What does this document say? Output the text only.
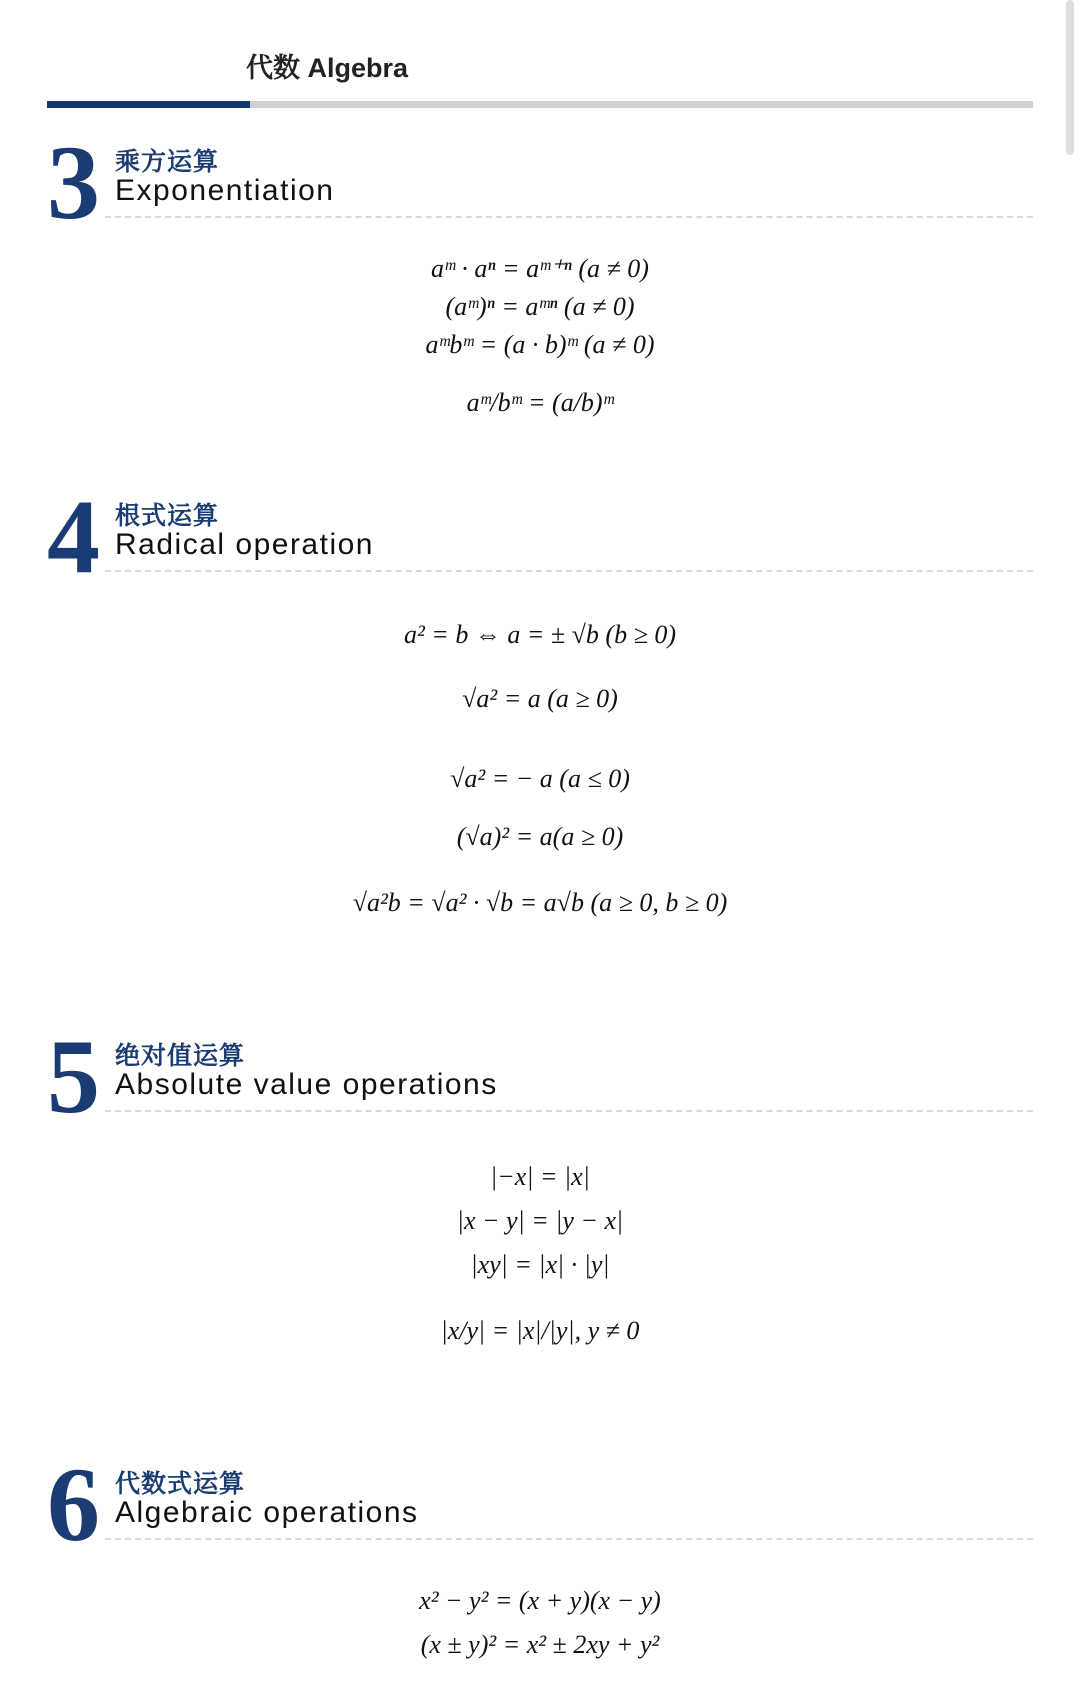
代数 Algebra
3 乘方运算
Exponentiation
aᵐ · aⁿ = aᵐ⁺ⁿ (a ≠ 0)
(aᵐ)ⁿ = aᵐⁿ (a ≠ 0)
aᵐbᵐ = (a · b)ᵐ (a ≠ 0)
aᵐ/bᵐ = (a/b)ᵐ
4 根式运算
Radical operation
a² = b ⇔ a = ± √b (b ≥ 0)
√a² = a (a ≥ 0)
√a² = − a (a ≤ 0)
(√a)² = a(a ≥ 0)
√a²b = √a² · √b = a√b (a ≥ 0, b ≥ 0)
5 绝对值运算
Absolute value operations
|−x| = |x|
|x − y| = |y − x|
|xy| = |x| · |y|
|x/y| = |x|/|y|, y ≠ 0
6 代数式运算
Algebraic operations
x² − y² = (x + y)(x − y)
(x ± y)² = x² ± 2xy + y²
